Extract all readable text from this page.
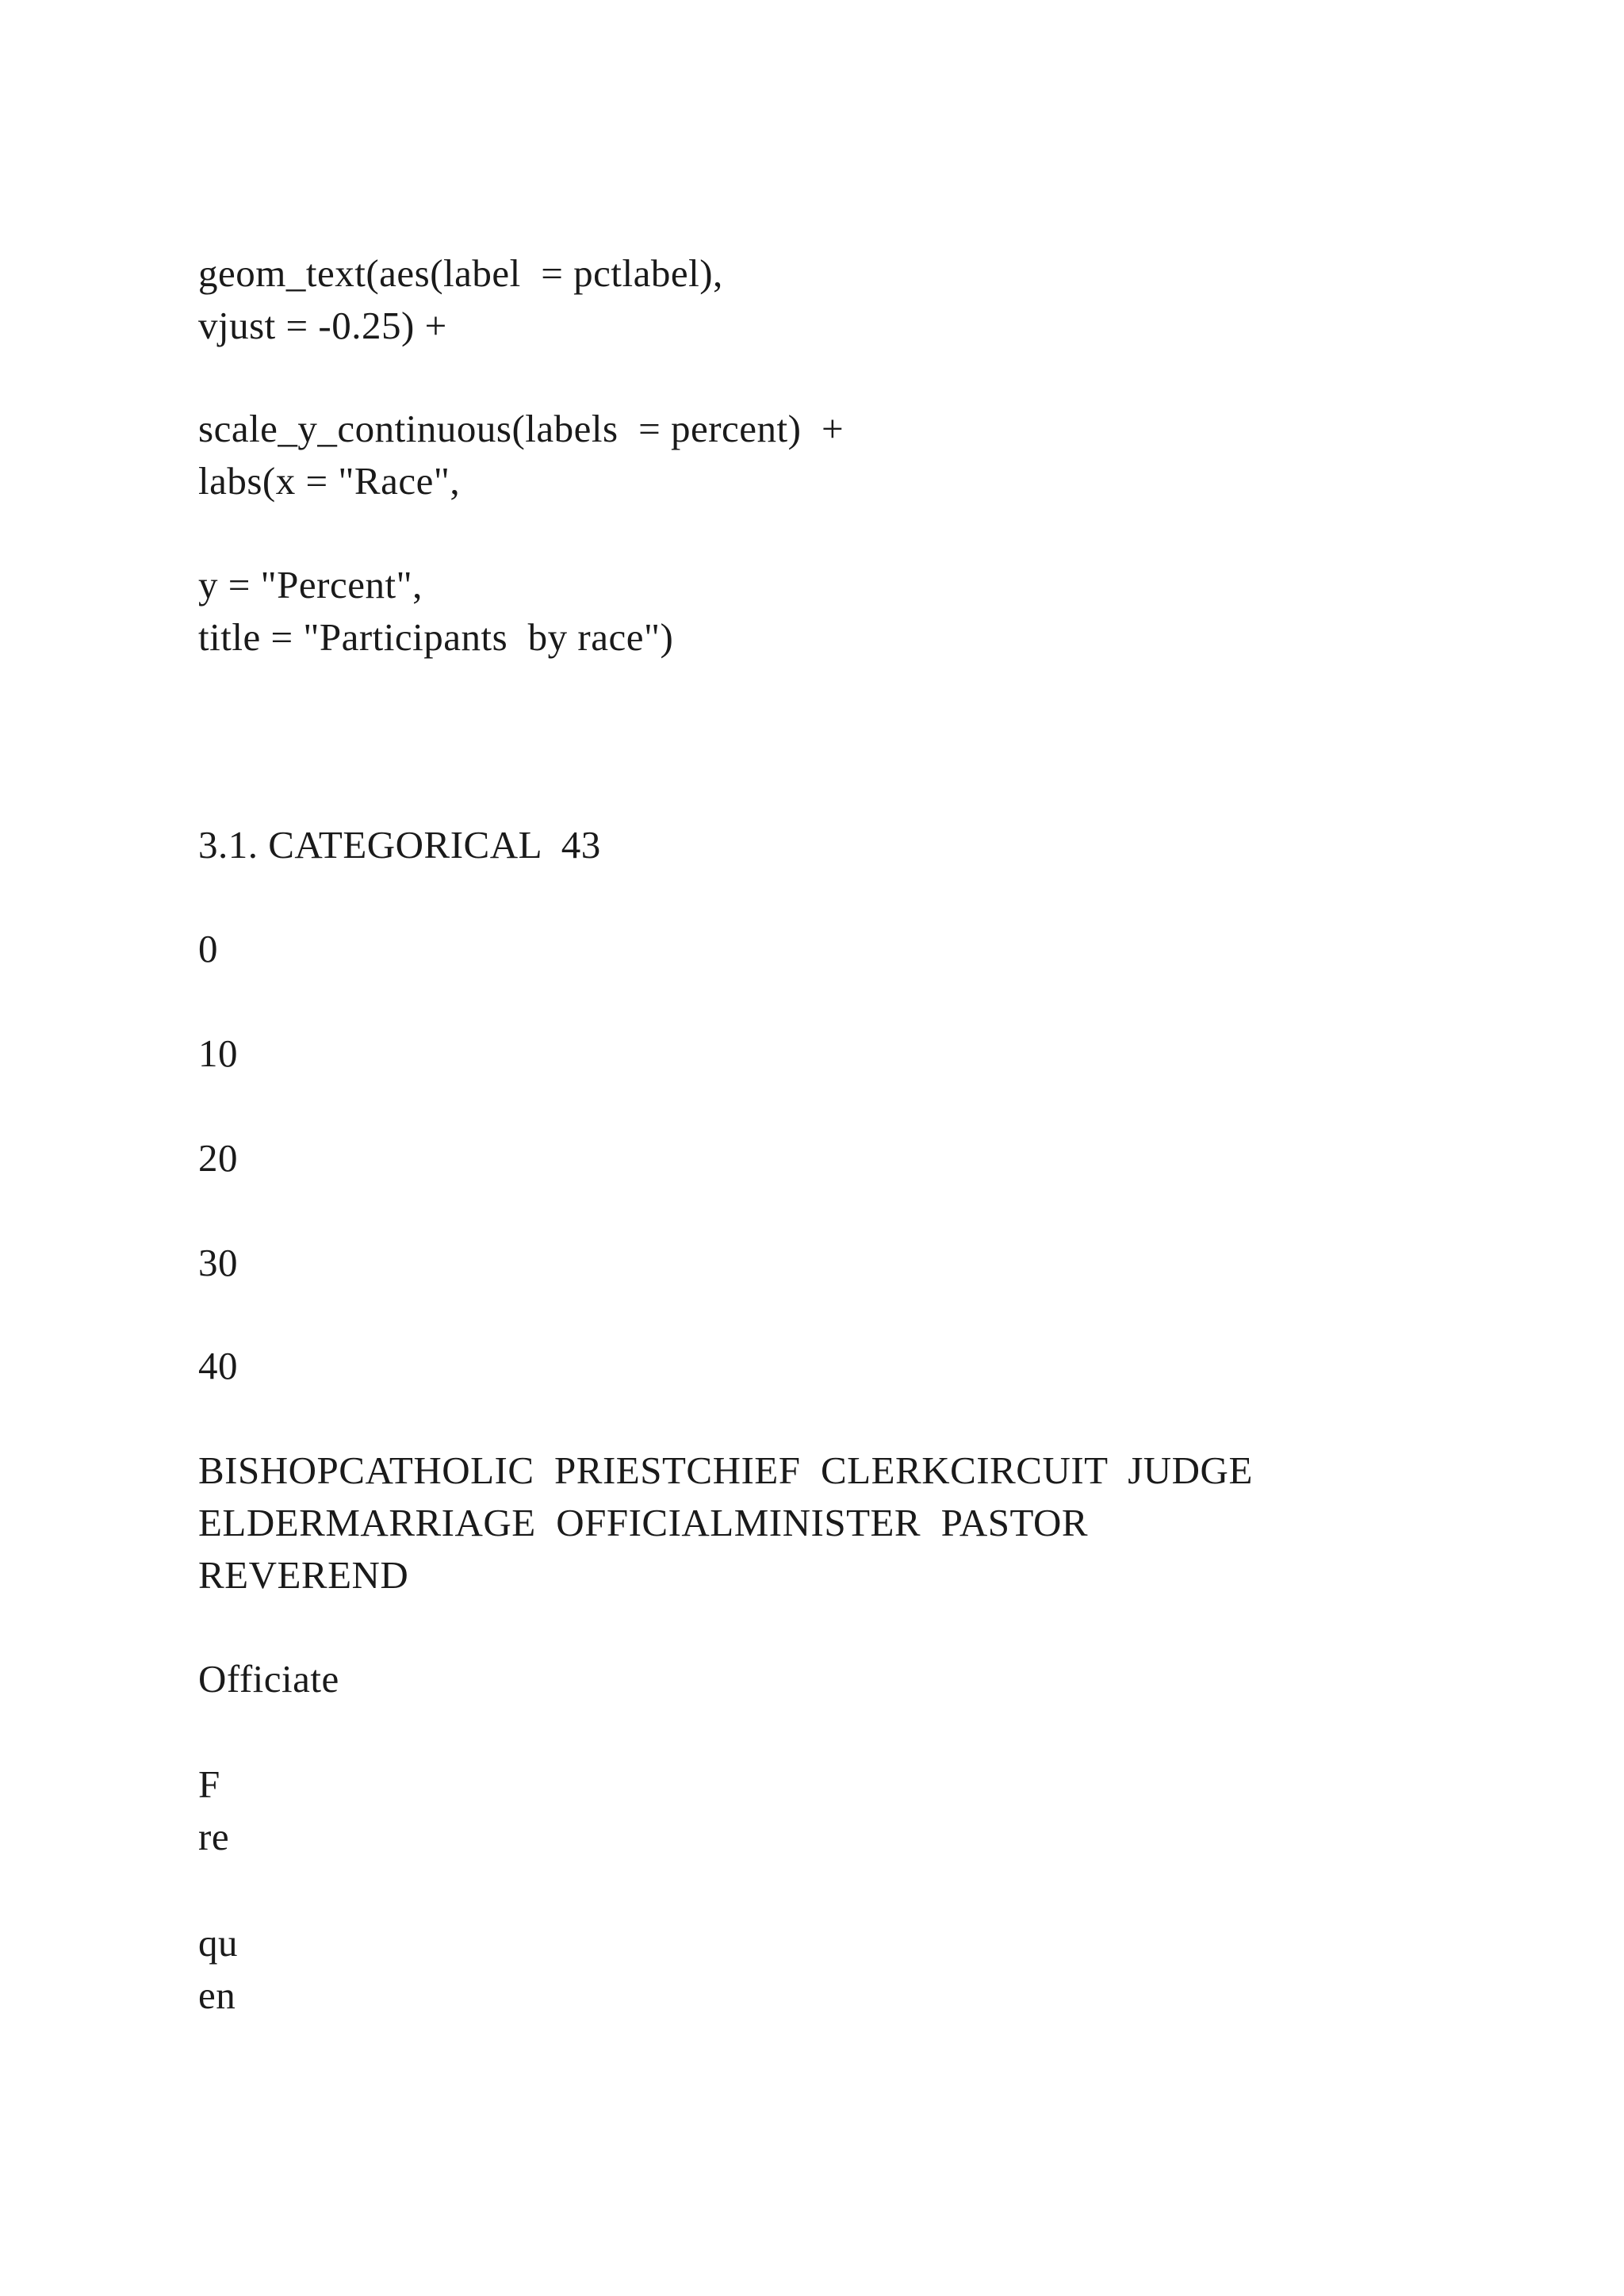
geom_text(aes(label  = pctlabel),
vjust = -0.25) +
scale_y_continuous(labels  = percent)  +
labs(x = "Race",
y = "Percent",
title = "Participants  by race")
3.1. CATEGORICAL  43
0
10
20
30
40
BISHOPCATHOLIC  PRIESTCHIEF  CLERKCIRCUIT  JUDGE
ELDERMARRIAGE  OFFICIALMINISTER  PASTOR
REVEREND
Officiate
F
re
qu
en
